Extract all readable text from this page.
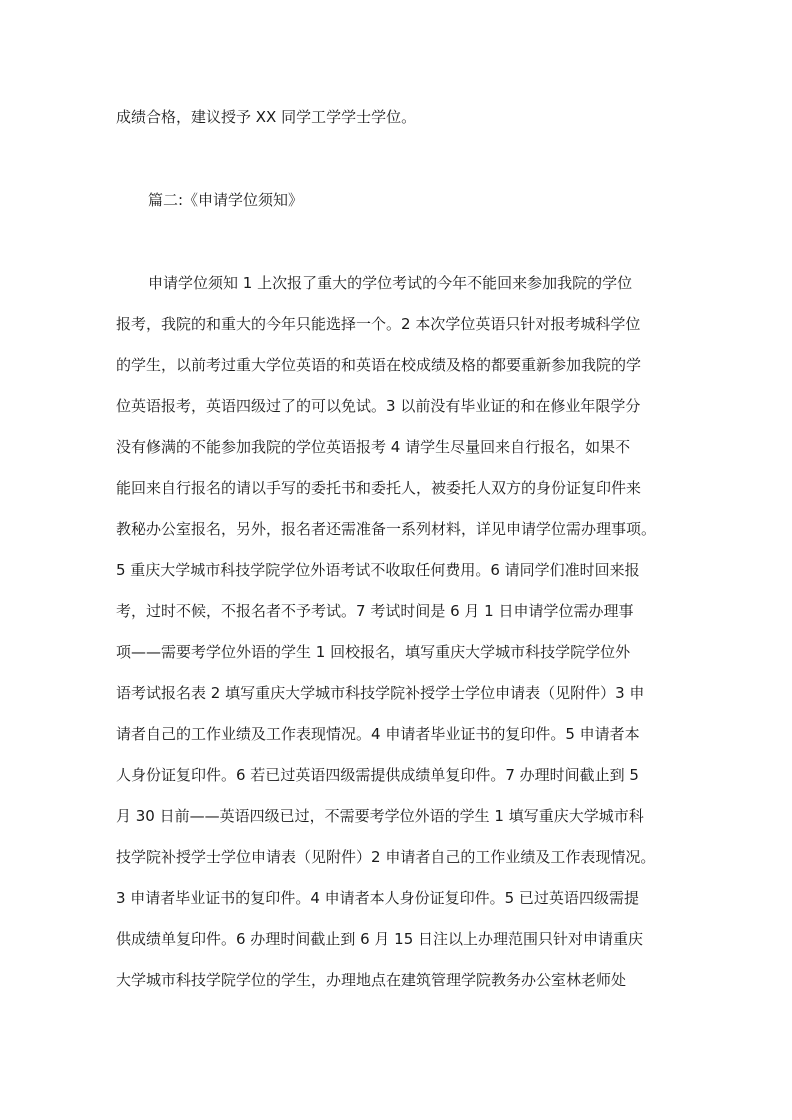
成绩合格，建议授予 XX 同学工学学士学位。
篇二:《申请学位须知》
申请学位须知 1 上次报了重大的学位考试的今年不能回来参加我院的学位
报考，我院的和重大的今年只能选择一个。2 本次学位英语只针对报考城科学位
的学生，以前考过重大学位英语的和英语在校成绩及格的都要重新参加我院的学
位英语报考，英语四级过了的可以免试。3 以前没有毕业证的和在修业年限学分
没有修满的不能参加我院的学位英语报考 4 请学生尽量回来自行报名，如果不
能回来自行报名的请以手写的委托书和委托人，被委托人双方的身份证复印件来
教秘办公室报名，另外，报名者还需准备一系列材料，详见申请学位需办理事项。
5 重庆大学城市科技学院学位外语考试不收取任何费用。6 请同学们准时回来报
考，过时不候，不报名者不予考试。7 考试时间是 6 月 1 日申请学位需办理事
项——需要考学位外语的学生 1 回校报名，填写重庆大学城市科技学院学位外
语考试报名表 2 填写重庆大学城市科技学院补授学士学位申请表（见附件）3 申
请者自己的工作业绩及工作表现情况。4 申请者毕业证书的复印件。5 申请者本
人身份证复印件。6 若已过英语四级需提供成绩单复印件。7 办理时间截止到 5
月 30 日前——英语四级已过，不需要考学位外语的学生 1 填写重庆大学城市科
技学院补授学士学位申请表（见附件）2 申请者自己的工作业绩及工作表现情况。
3 申请者毕业证书的复印件。4 申请者本人身份证复印件。5 已过英语四级需提
供成绩单复印件。6 办理时间截止到 6 月 15 日注以上办理范围只针对申请重庆
大学城市科技学院学位的学生，办理地点在建筑管理学院教务办公室林老师处
